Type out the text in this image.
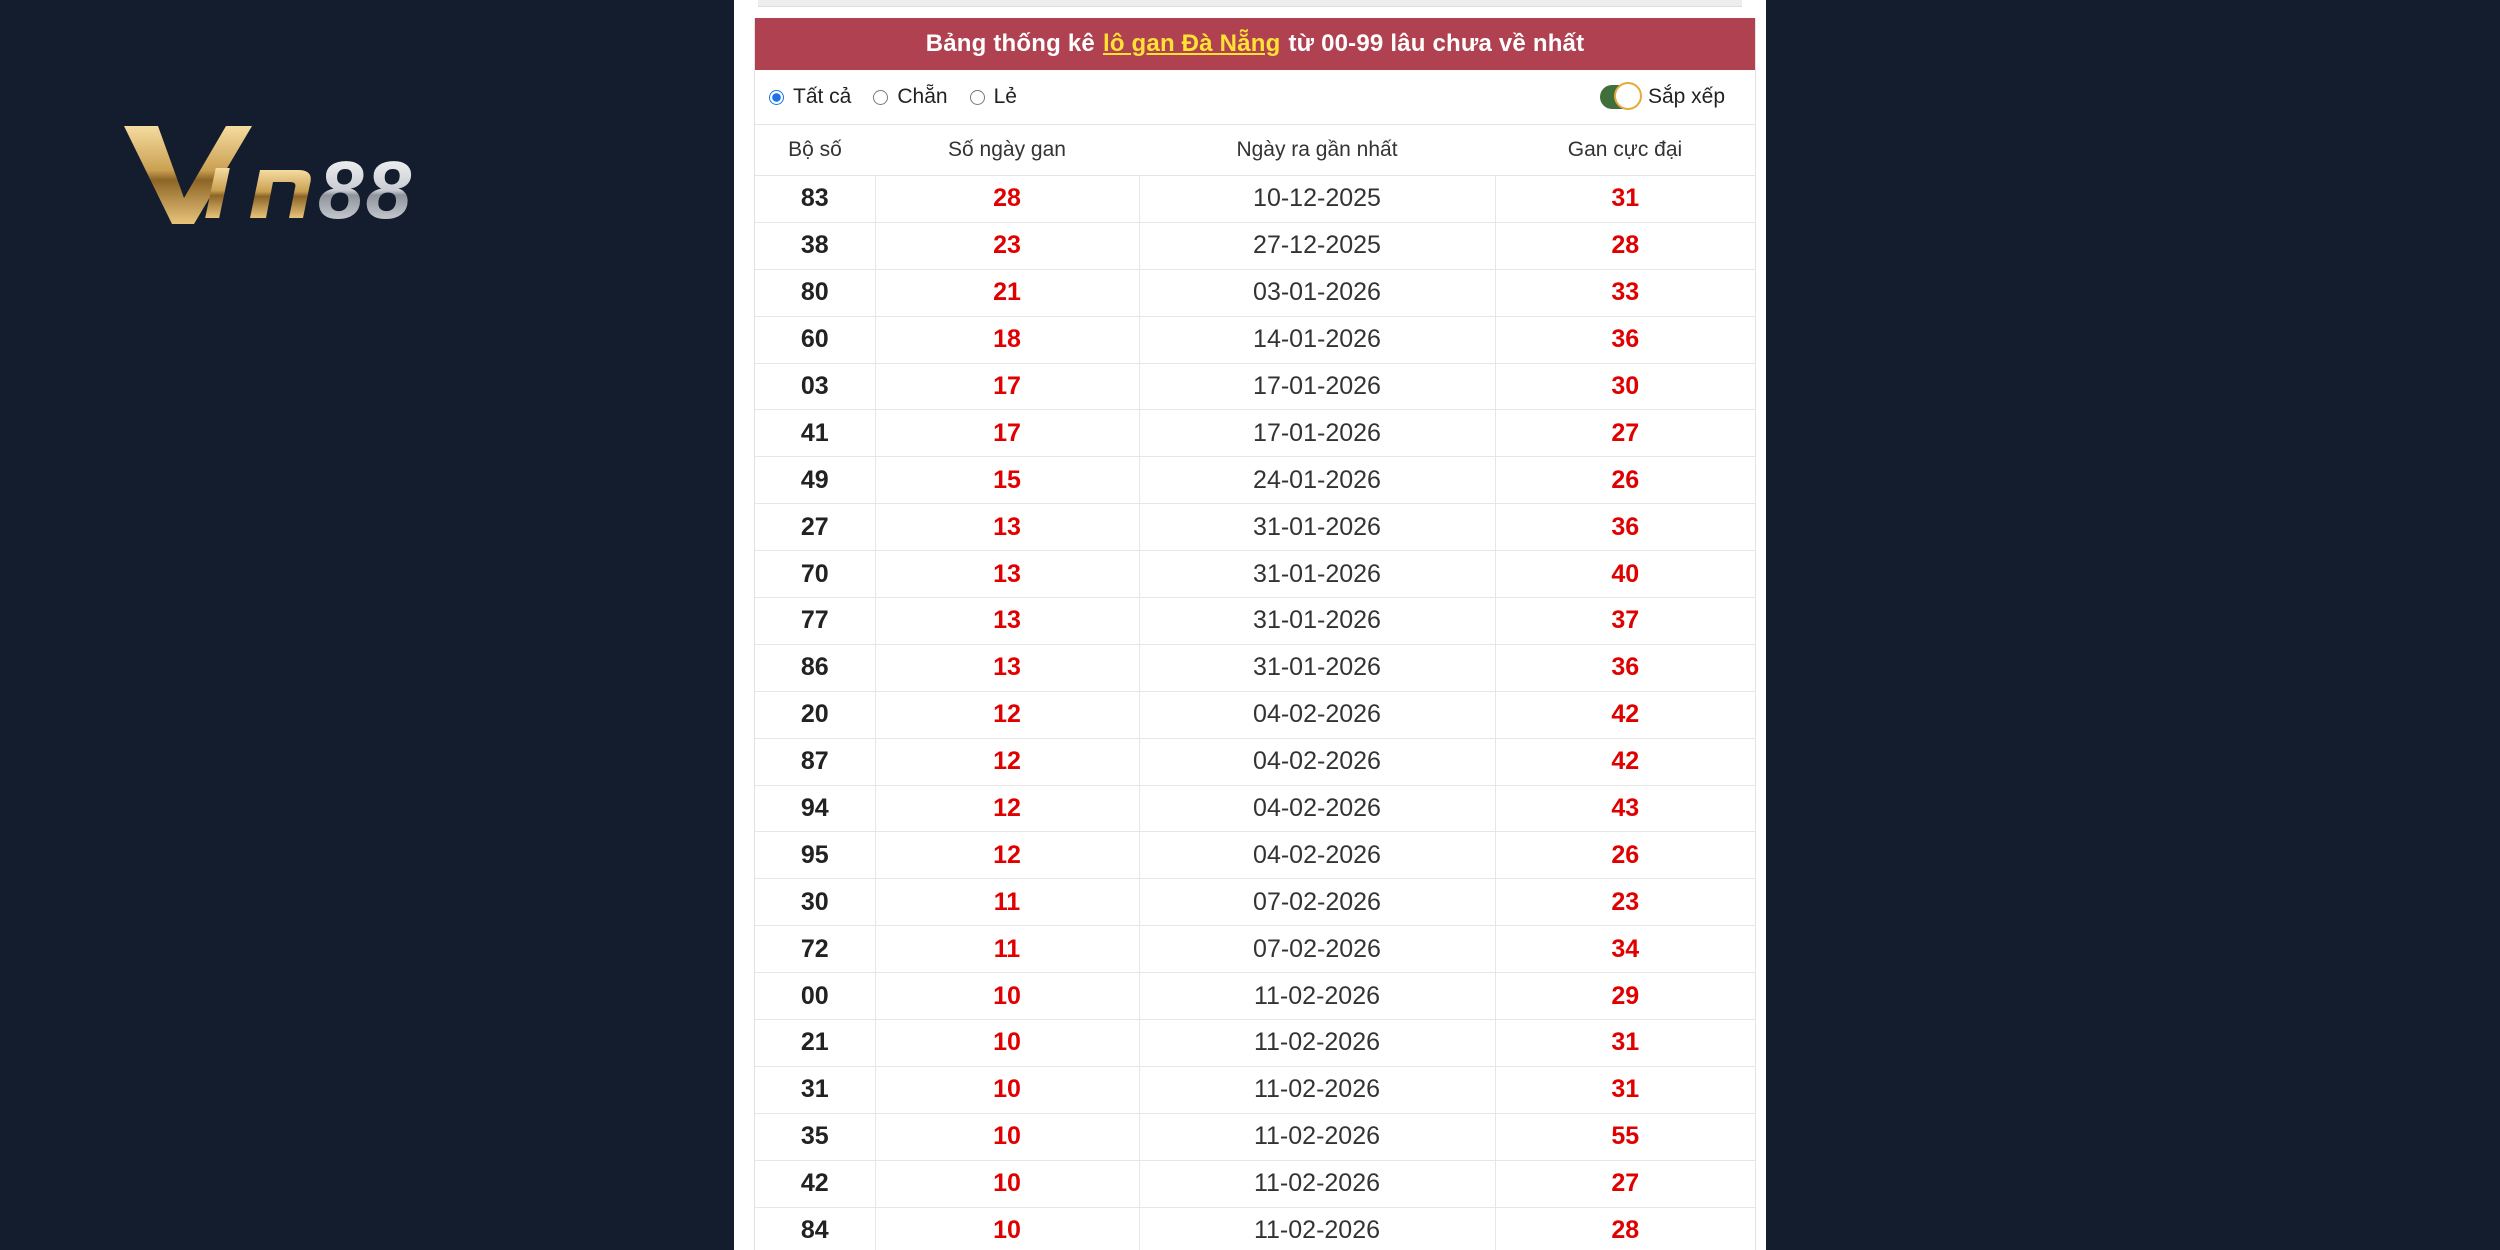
88
Bảng thống kê lô gan Đà Nẵng từ 00-99 lâu chưa về nhất
Tất cả Chẵn Lẻ	Sắp xếp
Bộ số	Số ngày gan	Ngày ra gần nhất	Gan cực đại
83	28	10-12-2025	31
38	23	27-12-2025	28
80	21	03-01-2026	33
60	18	14-01-2026	36
03	17	17-01-2026	30
41	17	17-01-2026	27
49	15	24-01-2026	26
27	13	31-01-2026	36
70	13	31-01-2026	40
77	13	31-01-2026	37
86	13	31-01-2026	36
20	12	04-02-2026	42
87	12	04-02-2026	42
94	12	04-02-2026	43
95	12	04-02-2026	26
30	11	07-02-2026	23
72	11	07-02-2026	34
00	10	11-02-2026	29
21	10	11-02-2026	31
31	10	11-02-2026	31
35	10	11-02-2026	55
42	10	11-02-2026	27
84	10	11-02-2026	28
